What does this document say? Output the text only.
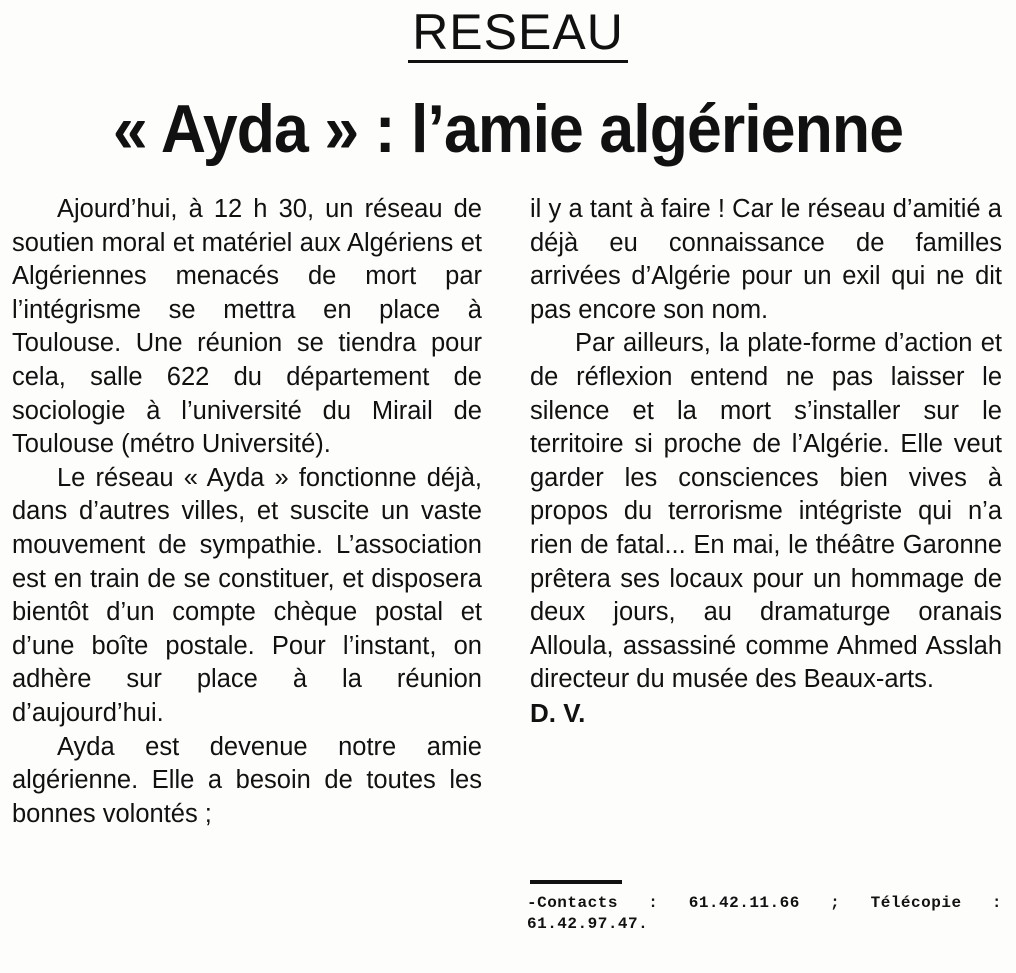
RESEAU
« Ayda » : l’amie algérienne

Ajourd’hui, à 12 h 30, un réseau de soutien moral et matériel aux Algériens et Algériennes menacés de mort par l’intégrisme se mettra en place à Toulouse. Une réunion se tiendra pour cela, salle 622 du département de sociologie à l’université du Mirail de Toulouse (métro Université).

Le réseau « Ayda » fonctionne déjà, dans d’autres villes, et suscite un vaste mouvement de sympathie. L’association est en train de se constituer, et disposera bientôt d’un compte chèque postal et d’une boîte postale. Pour l’instant, on adhère sur place à la réunion d’aujourd’hui.

Ayda est devenue notre amie algérienne. Elle a besoin de toutes les bonnes volontés ;

il y a tant à faire ! Car le réseau d’amitié a déjà eu connaissance de familles arrivées d’Algérie pour un exil qui ne dit pas encore son nom.

Par ailleurs, la plate-forme d’action et de réflexion entend ne pas laisser le silence et la mort s’installer sur le territoire si proche de l’Algérie. Elle veut garder les consciences bien vives à propos du terrorisme intégriste qui n’a rien de fatal... En mai, le théâtre Garonne prêtera ses locaux pour un hommage de deux jours, au dramaturge oranais Alloula, assassiné comme Ahmed Asslah directeur du musée des Beaux-arts.

D. V.

-Contacts : 61.42.11.66 ; Télécopie : 61.42.97.47.
